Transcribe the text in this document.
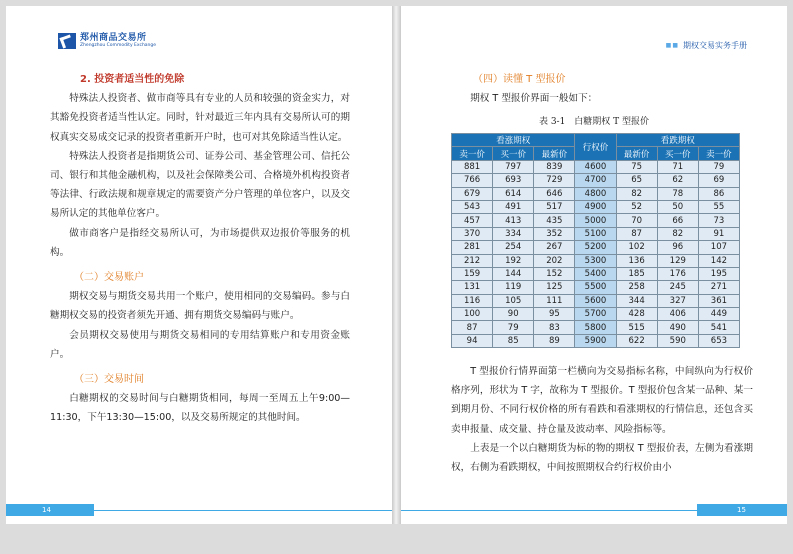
郑州商品交易所
Zhengzhou Commodity Exchange

2. 投资者适当性的免除

特殊法人投资者、做市商等具有专业的人员和较强的资金实力，对其豁免投资者适当性认定。同时，针对最近三年内具有交易所认可的期权真实交易成交记录的投资者重新开户时，也可对其免除适当性认定。

特殊法人投资者是指期货公司、证券公司、基金管理公司、信托公司、银行和其他金融机构，以及社会保障类公司、合格境外机构投资者等法律、行政法规和规章规定的需要资产分户管理的单位客户，以及交易所认定的其他单位客户。

做市商客户是指经交易所认可，为市场提供双边报价等服务的机构。

（二）交易账户

期权交易与期货交易共用一个账户，使用相同的交易编码。参与白糖期权交易的投资者须先开通、拥有期货交易编码与账户。

会员期权交易使用与期货交易相同的专用结算账户和专用资金账户。

（三）交易时间

白糖期权的交易时间与白糖期货相同，每周一至周五上午9:00—11:30，下午13:30—15:00，以及交易所规定的其他时间。

14
■■ 期权交易实务手册

（四）读懂 T 型报价

期权 T 型报价界面一般如下：

表 3-1　白糖期权 T 型报价
看涨期权			行权价	看跌期权		
卖一价	买一价	最新价		最新价	买一价	卖一价
881	797	839	4600	75	71	79
766	693	729	4700	65	62	69
679	614	646	4800	82	78	86
543	491	517	4900	52	50	55
457	413	435	5000	70	66	73
370	334	352	5100	87	82	91
281	254	267	5200	102	96	107
212	192	202	5300	136	129	142
159	144	152	5400	185	176	195
131	119	125	5500	258	245	271
116	105	111	5600	344	327	361
100	90	95	5700	428	406	449
87	79	83	5800	515	490	541
94	85	89	5900	622	590	653

T 型报价行情界面第一栏横向为交易指标名称，中间纵向为行权价格序列，形状为 T 字，故称为 T 型报价。T 型报价包含某一品种、某一到期月份、不同行权价格的所有看跌和看涨期权的行情信息，还包含买卖申报量、成交量、持仓量及波动率、风险指标等。

上表是一个以白糖期货为标的物的期权 T 型报价表，左侧为看涨期权，右侧为看跌期权，中间按照期权合约行权价由小

15
